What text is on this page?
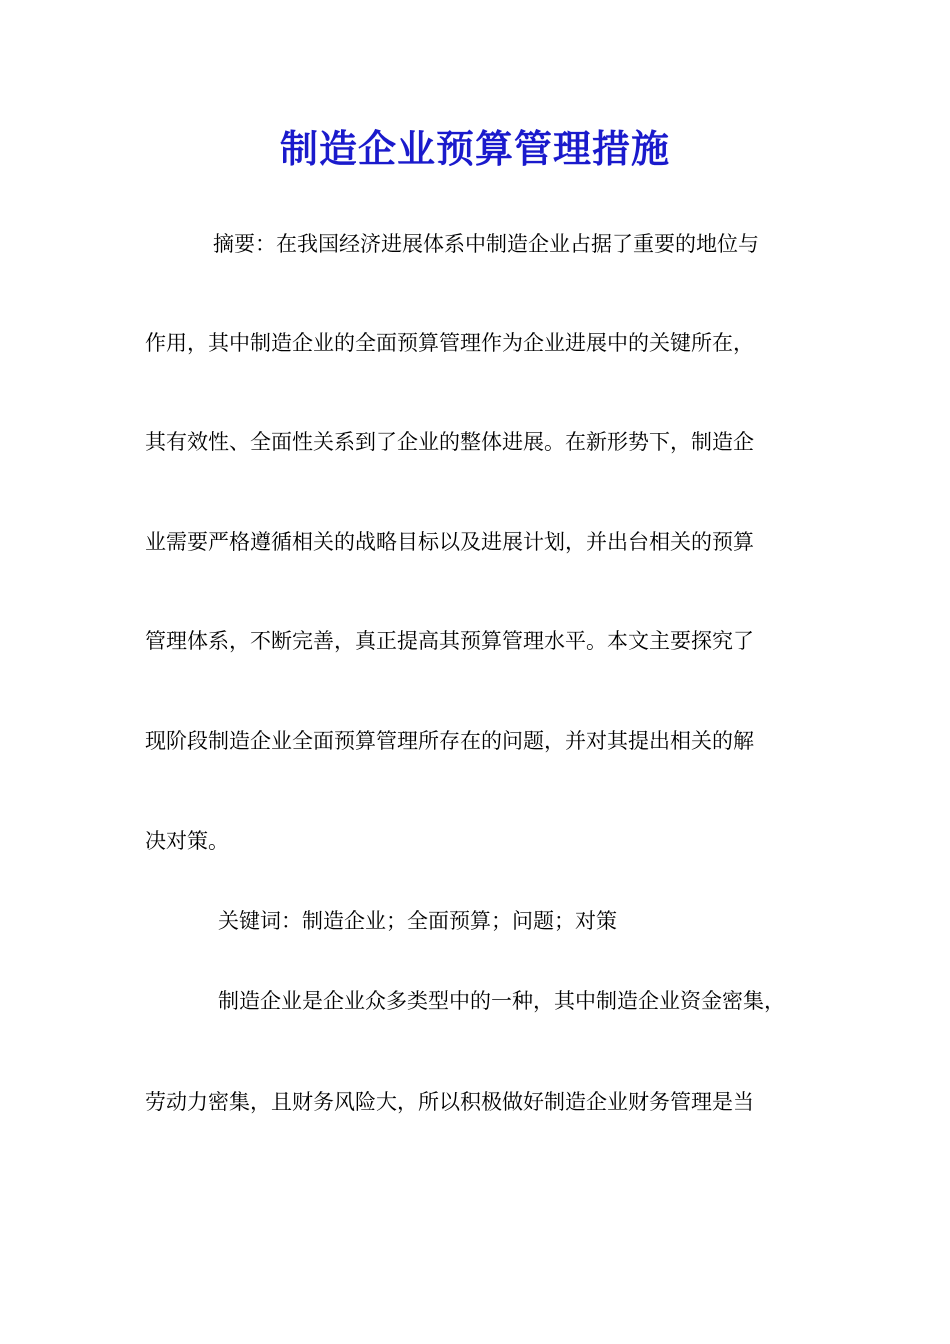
制造企业预算管理措施
摘要：在我国经济进展体系中制造企业占据了重要的地位与
作用，其中制造企业的全面预算管理作为企业进展中的关键所在，
其有效性、全面性关系到了企业的整体进展。在新形势下，制造企
业需要严格遵循相关的战略目标以及进展计划，并出台相关的预算
管理体系，不断完善，真正提高其预算管理水平。本文主要探究了
现阶段制造企业全面预算管理所存在的问题，并对其提出相关的解
决对策。
关键词：制造企业；全面预算；问题；对策
制造企业是企业众多类型中的一种，其中制造企业资金密集，
劳动力密集，且财务风险大，所以积极做好制造企业财务管理是当
